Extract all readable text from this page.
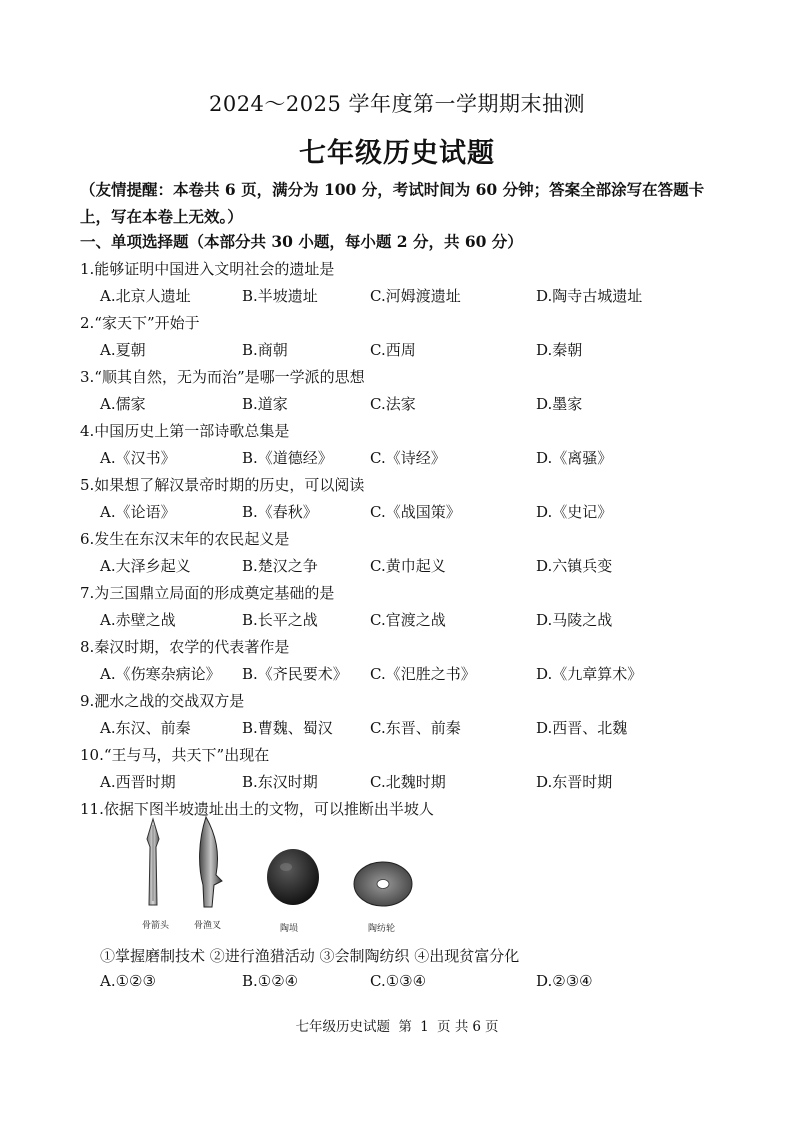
2024～2025 学年度第一学期期末抽测
七年级历史试题
（友情提醒：本卷共 6 页，满分为 100 分，考试时间为 60 分钟；答案全部涂写在答题卡上，写在本卷上无效。）
一、单项选择题（本部分共 30 小题，每小题 2 分，共 60 分）
1.能够证明中国进入文明社会的遗址是
A.北京人遗址	B.半坡遗址	C.河姆渡遗址	D.陶寺古城遗址
2.“家天下”开始于
A.夏朝	B.商朝	C.西周	D.秦朝
3.“顺其自然，无为而治”是哪一学派的思想
A.儒家	B.道家	C.法家	D.墨家
4.中国历史上第一部诗歌总集是
A.《汉书》	B.《道德经》 C.《诗经》	D.《离骚》
5.如果想了解汉景帝时期的历史，可以阅读
A.《论语》	B.《春秋》	C.《战国策》	D.《史记》
6.发生在东汉末年的农民起义是
A.大泽乡起义	B.楚汉之争	C.黄巾起义	D.六镇兵变
7.为三国鼎立局面的形成奠定基础的是
A.赤壁之战	B.长平之战	C.官渡之战	D.马陵之战
8.秦汉时期，农学的代表著作是
A.《伤寒杂病论》 B.《齐民要术》 C.《汜胜之书》	D.《九章算术》
9.淝水之战的交战双方是
A.东汉、前秦	B.曹魏、蜀汉 C.东晋、前秦	D.西晋、北魏
10.“王与马，共天下”出现在
A.西晋时期	B.东汉时期	C.北魏时期	D.东晋时期
11.依据下图半坡遗址出土的文物，可以推断出半坡人
骨箭头	骨渔叉	陶埙	陶纺轮
①掌握磨制技术 ②进行渔猎活动 ③会制陶纺织 ④出现贫富分化
A.①②③	B.①②④	C.①③④	D.②③④
七年级历史试题 第 1 页 共 6 页
